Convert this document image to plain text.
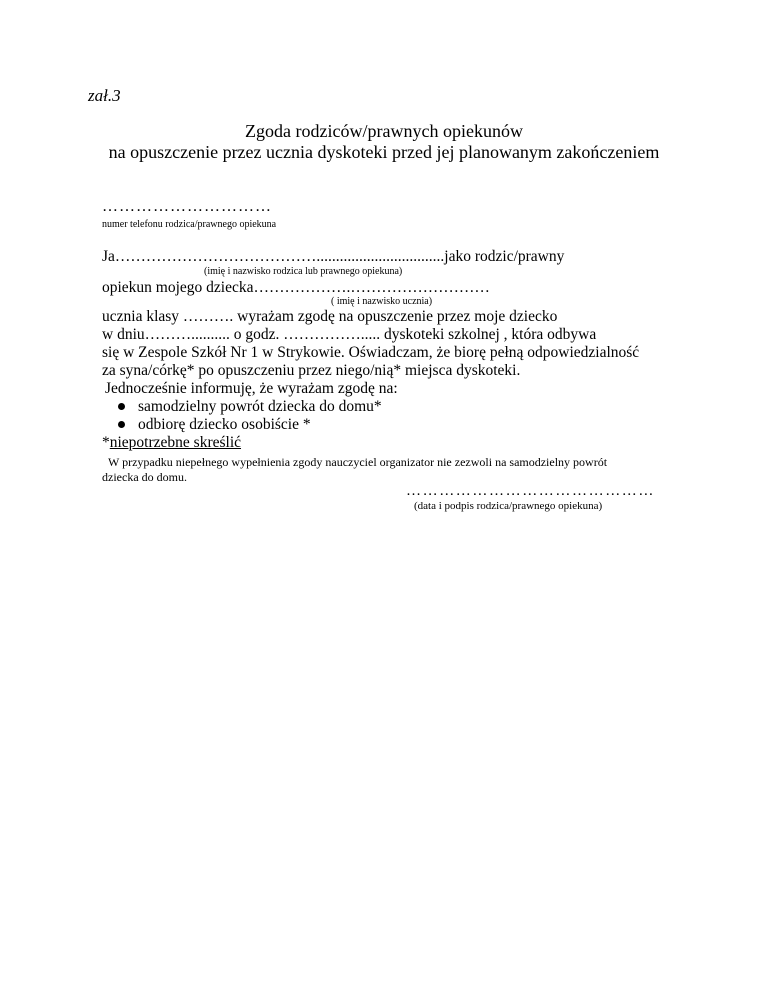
zał.3
Zgoda rodziców/prawnych opiekunów
na opuszczenie przez ucznia dyskoteki przed jej planowanym zakończeniem
…………………………
numer telefonu rodzica/prawnego opiekuna
Ja………………………………….................................jako rodzic/prawny
(imię i nazwisko rodzica lub prawnego opiekuna)
opiekun mojego dziecka……………….………………………
( imię i nazwisko ucznia)
ucznia klasy ………. wyrażam zgodę na opuszczenie przez moje dziecko
w dniu……….......... o godz. ……………..... dyskoteki szkolnej , która odbywa
się w Zespole Szkół Nr 1 w Strykowie. Oświadczam, że biorę pełną odpowiedzialność
za syna/córkę* po opuszczeniu przez niego/nią* miejsca dyskoteki.
Jednocześnie informuję, że wyrażam zgodę na:
samodzielny powrót dziecka do domu*
odbiorę dziecko osobiście *
*niepotrzebne skreślić
W przypadku niepełnego wypełnienia zgody nauczyciel organizator nie zezwoli na samodzielny powrót
dziecka do domu.
………………………………………
(data i podpis rodzica/prawnego opiekuna)
